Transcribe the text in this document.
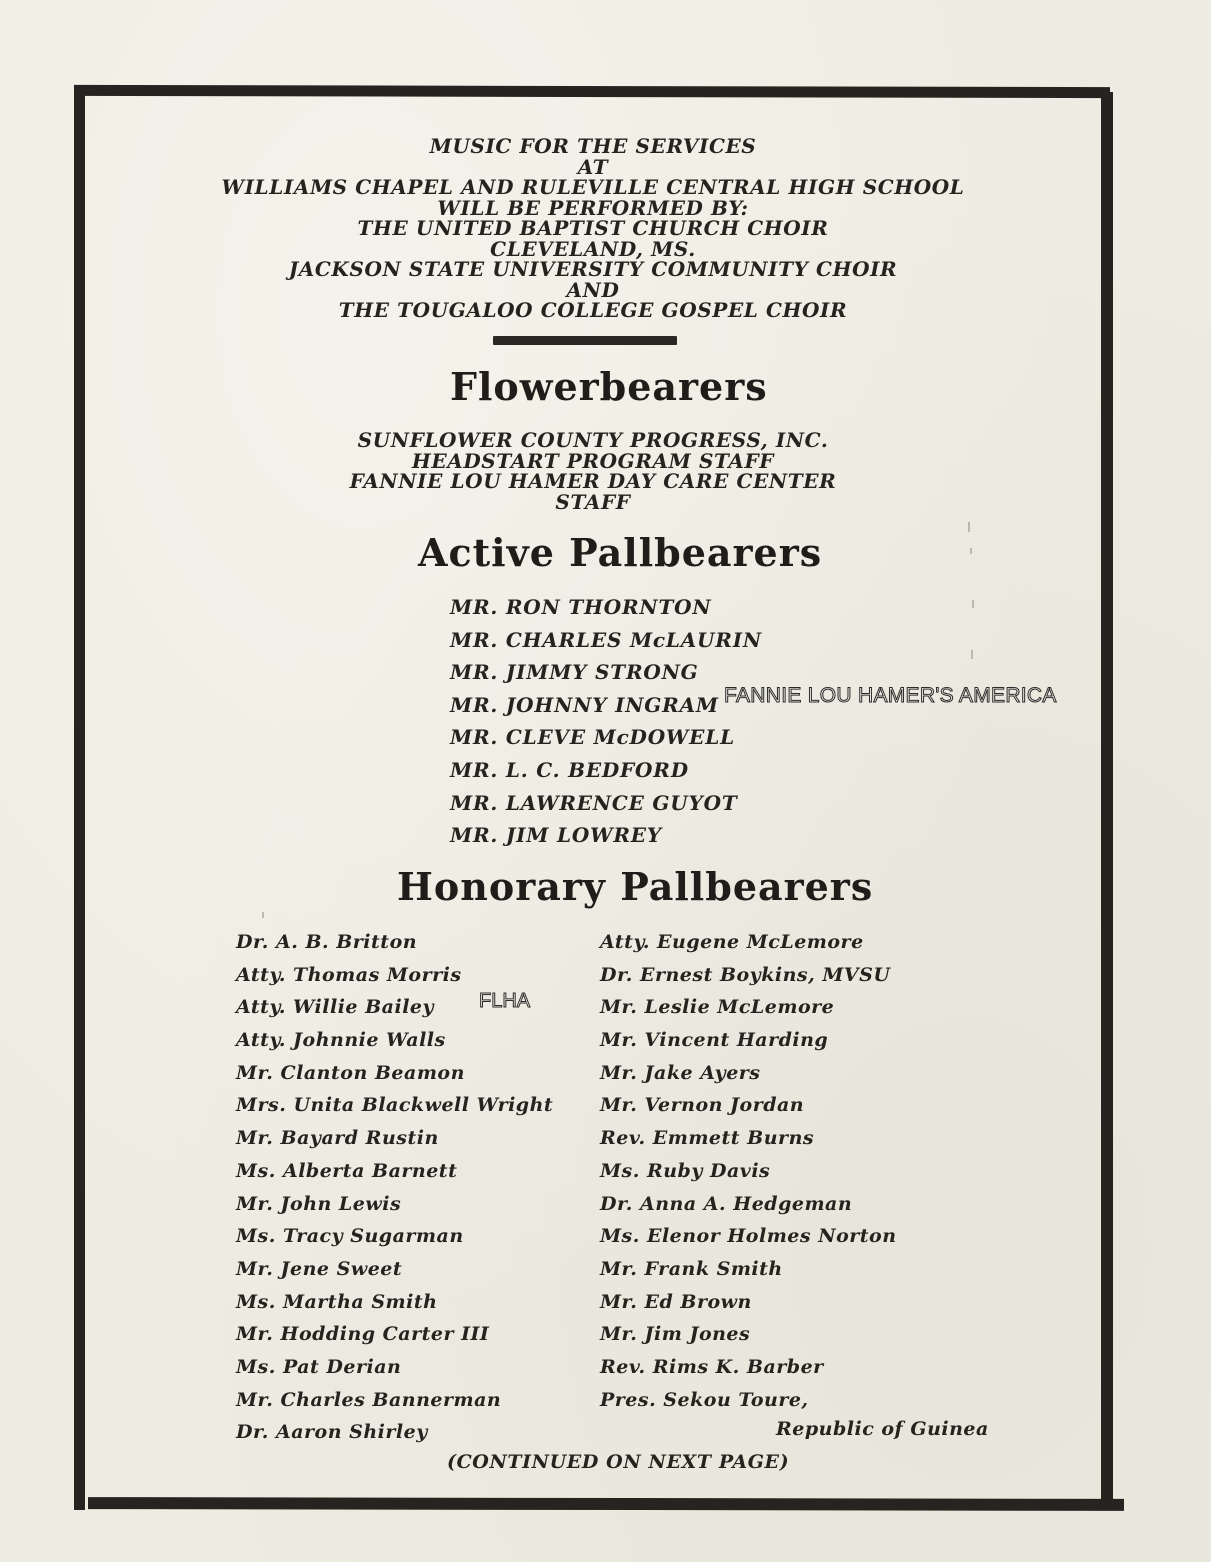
MUSIC FOR THE SERVICES
AT
WILLIAMS CHAPEL AND RULEVILLE CENTRAL HIGH SCHOOL
WILL BE PERFORMED BY:
THE UNITED BAPTIST CHURCH CHOIR
CLEVELAND, MS.
JACKSON STATE UNIVERSITY COMMUNITY CHOIR
AND
THE TOUGALOO COLLEGE GOSPEL CHOIR
Flowerbearers
SUNFLOWER COUNTY PROGRESS, INC.
HEADSTART PROGRAM STAFF
FANNIE LOU HAMER DAY CARE CENTER
STAFF
Active Pallbearers
MR. RON THORNTON
MR. CHARLES McLAURIN
MR. JIMMY STRONG
MR. JOHNNY INGRAM
MR. CLEVE McDOWELL
MR. L. C. BEDFORD
MR. LAWRENCE GUYOT
MR. JIM LOWREY
FANNIE LOU HAMER'S AMERICA
Honorary Pallbearers
Dr. A. B. Britton
Atty. Thomas Morris
Atty. Willie Bailey
Atty. Johnnie Walls
Mr. Clanton Beamon
Mrs. Unita Blackwell Wright
Mr. Bayard Rustin
Ms. Alberta Barnett
Mr. John Lewis
Ms. Tracy Sugarman
Mr. Jene Sweet
Ms. Martha Smith
Mr. Hodding Carter III
Ms. Pat Derian
Mr. Charles Bannerman
Dr. Aaron Shirley
Atty. Eugene McLemore
Dr. Ernest Boykins, MVSU
Mr. Leslie McLemore
Mr. Vincent Harding
Mr. Jake Ayers
Mr. Vernon Jordan
Rev. Emmett Burns
Ms. Ruby Davis
Dr. Anna A. Hedgeman
Ms. Elenor Holmes Norton
Mr. Frank Smith
Mr. Ed Brown
Mr. Jim Jones
Rev. Rims K. Barber
Pres. Sekou Toure,
Republic of Guinea
FLHA
(CONTINUED ON NEXT PAGE)
